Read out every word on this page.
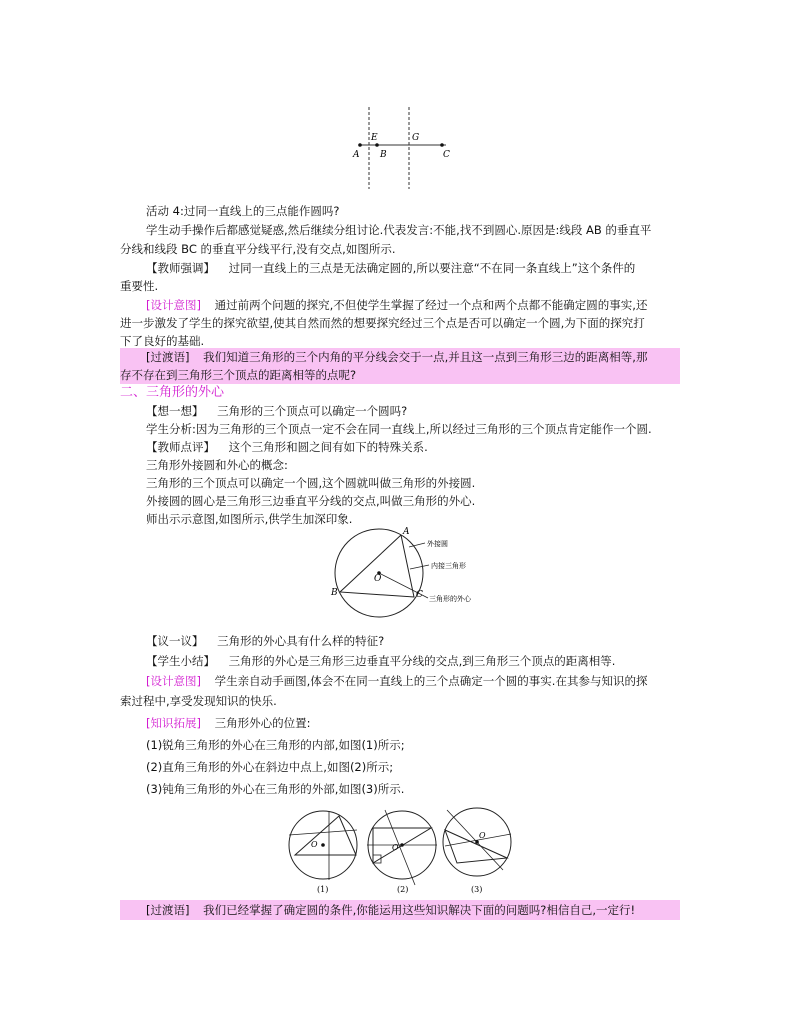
A
E
B
G
C
活动 4:过同一直线上的三点能作圆吗?
学生动手操作后都感觉疑惑,然后继续分组讨论.代表发言:不能,找不到圆心.原因是:线段 AB 的垂直平
分线和线段 BC 的垂直平分线平行,没有交点,如图所示.
【教师强调】 过同一直线上的三点是无法确定圆的,所以要注意“不在同一条直线上”这个条件的
重要性.
[设计意图] 通过前两个问题的探究,不但使学生掌握了经过一个点和两个点都不能确定圆的事实,还
进一步激发了学生的探究欲望,使其自然而然的想要探究经过三个点是否可以确定一个圆,为下面的探究打
下了良好的基础.
[过渡语] 我们知道三角形的三个内角的平分线会交于一点,并且这一点到三角形三边的距离相等,那
存不存在到三角形三个顶点的距离相等的点呢?
二、三角形的外心
【想一想】 三角形的三个顶点可以确定一个圆吗?
学生分析:因为三角形的三个顶点一定不会在同一直线上,所以经过三角形的三个顶点肯定能作一个圆.
【教师点评】 这个三角形和圆之间有如下的特殊关系.
三角形外接圆和外心的概念:
三角形的三个顶点可以确定一个圆,这个圆就叫做三角形的外接圆.
外接圆的圆心是三角形三边垂直平分线的交点,叫做三角形的外心.
师出示示意图,如图所示,供学生加深印象.
A
B	C
O
外接圆
内接三角形
三角形的外心
【议一议】 三角形的外心具有什么样的特征?
【学生小结】 三角形的外心是三角形三边垂直平分线的交点,到三角形三个顶点的距离相等.
[设计意图] 学生亲自动手画图,体会不在同一直线上的三个点确定一个圆的事实.在其参与知识的探
索过程中,享受发现知识的快乐.
[知识拓展] 三角形外心的位置:
(1)锐角三角形的外心在三角形的内部,如图(1)所示;
(2)直角三角形的外心在斜边中点上,如图(2)所示;
(3)钝角三角形的外心在三角形的外部,如图(3)所示.
O
(1)
O
(2)
O
(3)
[过渡语] 我们已经掌握了确定圆的条件,你能运用这些知识解决下面的问题吗?相信自己,一定行!
